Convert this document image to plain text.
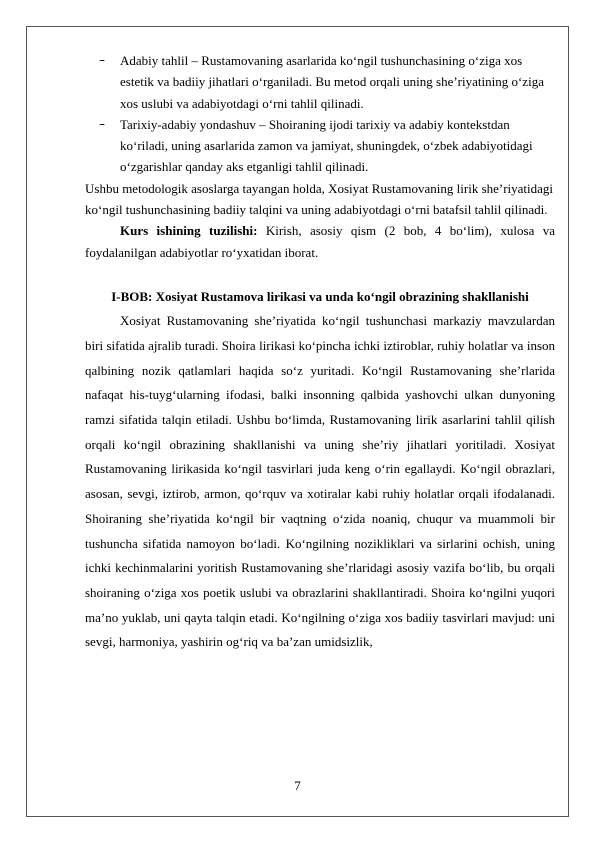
– Adabiy tahlil – Rustamovaning asarlarida ko‘ngil tushunchasining o‘ziga xos estetik va badiiy jihatlari o‘rganiladi. Bu metod orqali uning she’riyatining o‘ziga xos uslubi va adabiyotdagi o‘rni tahlil qilinadi.
– Tarixiy-adabiy yondashuv – Shoiraning ijodi tarixiy va adabiy kontekstdan ko‘riladi, uning asarlarida zamon va jamiyat, shuningdek, o‘zbek adabiyotidagi o‘zgarishlar qanday aks etganligi tahlil qilinadi.
Ushbu metodologik asoslarga tayangan holda, Xosiyat Rustamovaning lirik she’riyatidagi ko‘ngil tushunchasining badiiy talqini va uning adabiyotdagi o‘rni batafsil tahlil qilinadi.
Kurs ishining tuzilishi: Kirish, asosiy qism (2 bob, 4 bo‘lim), xulosa va foydalanilgan adabiyotlar ro‘yxatidan iborat.
I-BOB: Xosiyat Rustamova lirikasi va unda ko‘ngil obrazining shakllanishi
Xosiyat Rustamovaning she’riyatida ko‘ngil tushunchasi markaziy mavzulardan biri sifatida ajralib turadi. Shoira lirikasi ko‘pincha ichki iztiroblar, ruhiy holatlar va inson qalbining nozik qatlamlari haqida so‘z yuritadi. Ko‘ngil Rustamovaning she’rlarida nafaqat his-tuyg‘ularning ifodasi, balki insonning qalbida yashovchi ulkan dunyoning ramzi sifatida talqin etiladi. Ushbu bo‘limda, Rustamovaning lirik asarlarini tahlil qilish orqali ko‘ngil obrazining shakllanishi va uning she’riy jihatlari yoritiladi. Xosiyat Rustamovaning lirikasida ko‘ngil tasvirlari juda keng o‘rin egallaydi. Ko‘ngil obrazlari, asosan, sevgi, iztirob, armon, qo‘rquv va xotiralar kabi ruhiy holatlar orqali ifodalanadi. Shoiraning she’riyatida ko‘ngil bir vaqtning o‘zida noaniq, chuqur va muammoli bir tushuncha sifatida namoyon bo‘ladi. Ko‘ngilning nozikliklari va sirlarini ochish, uning ichki kechinmalarini yoritish Rustamovaning she’rlaridagi asosiy vazifa bo‘lib, bu orqali shoiraning o‘ziga xos poetik uslubi va obrazlarini shakllantiradi. Shoira ko‘ngilni yuqori ma’no yuklab, uni qayta talqin etadi. Ko‘ngilning o‘ziga xos badiiy tasvirlari mavjud: uni sevgi, harmoniya, yashirin og‘riq va ba’zan umidsizlik,
7
